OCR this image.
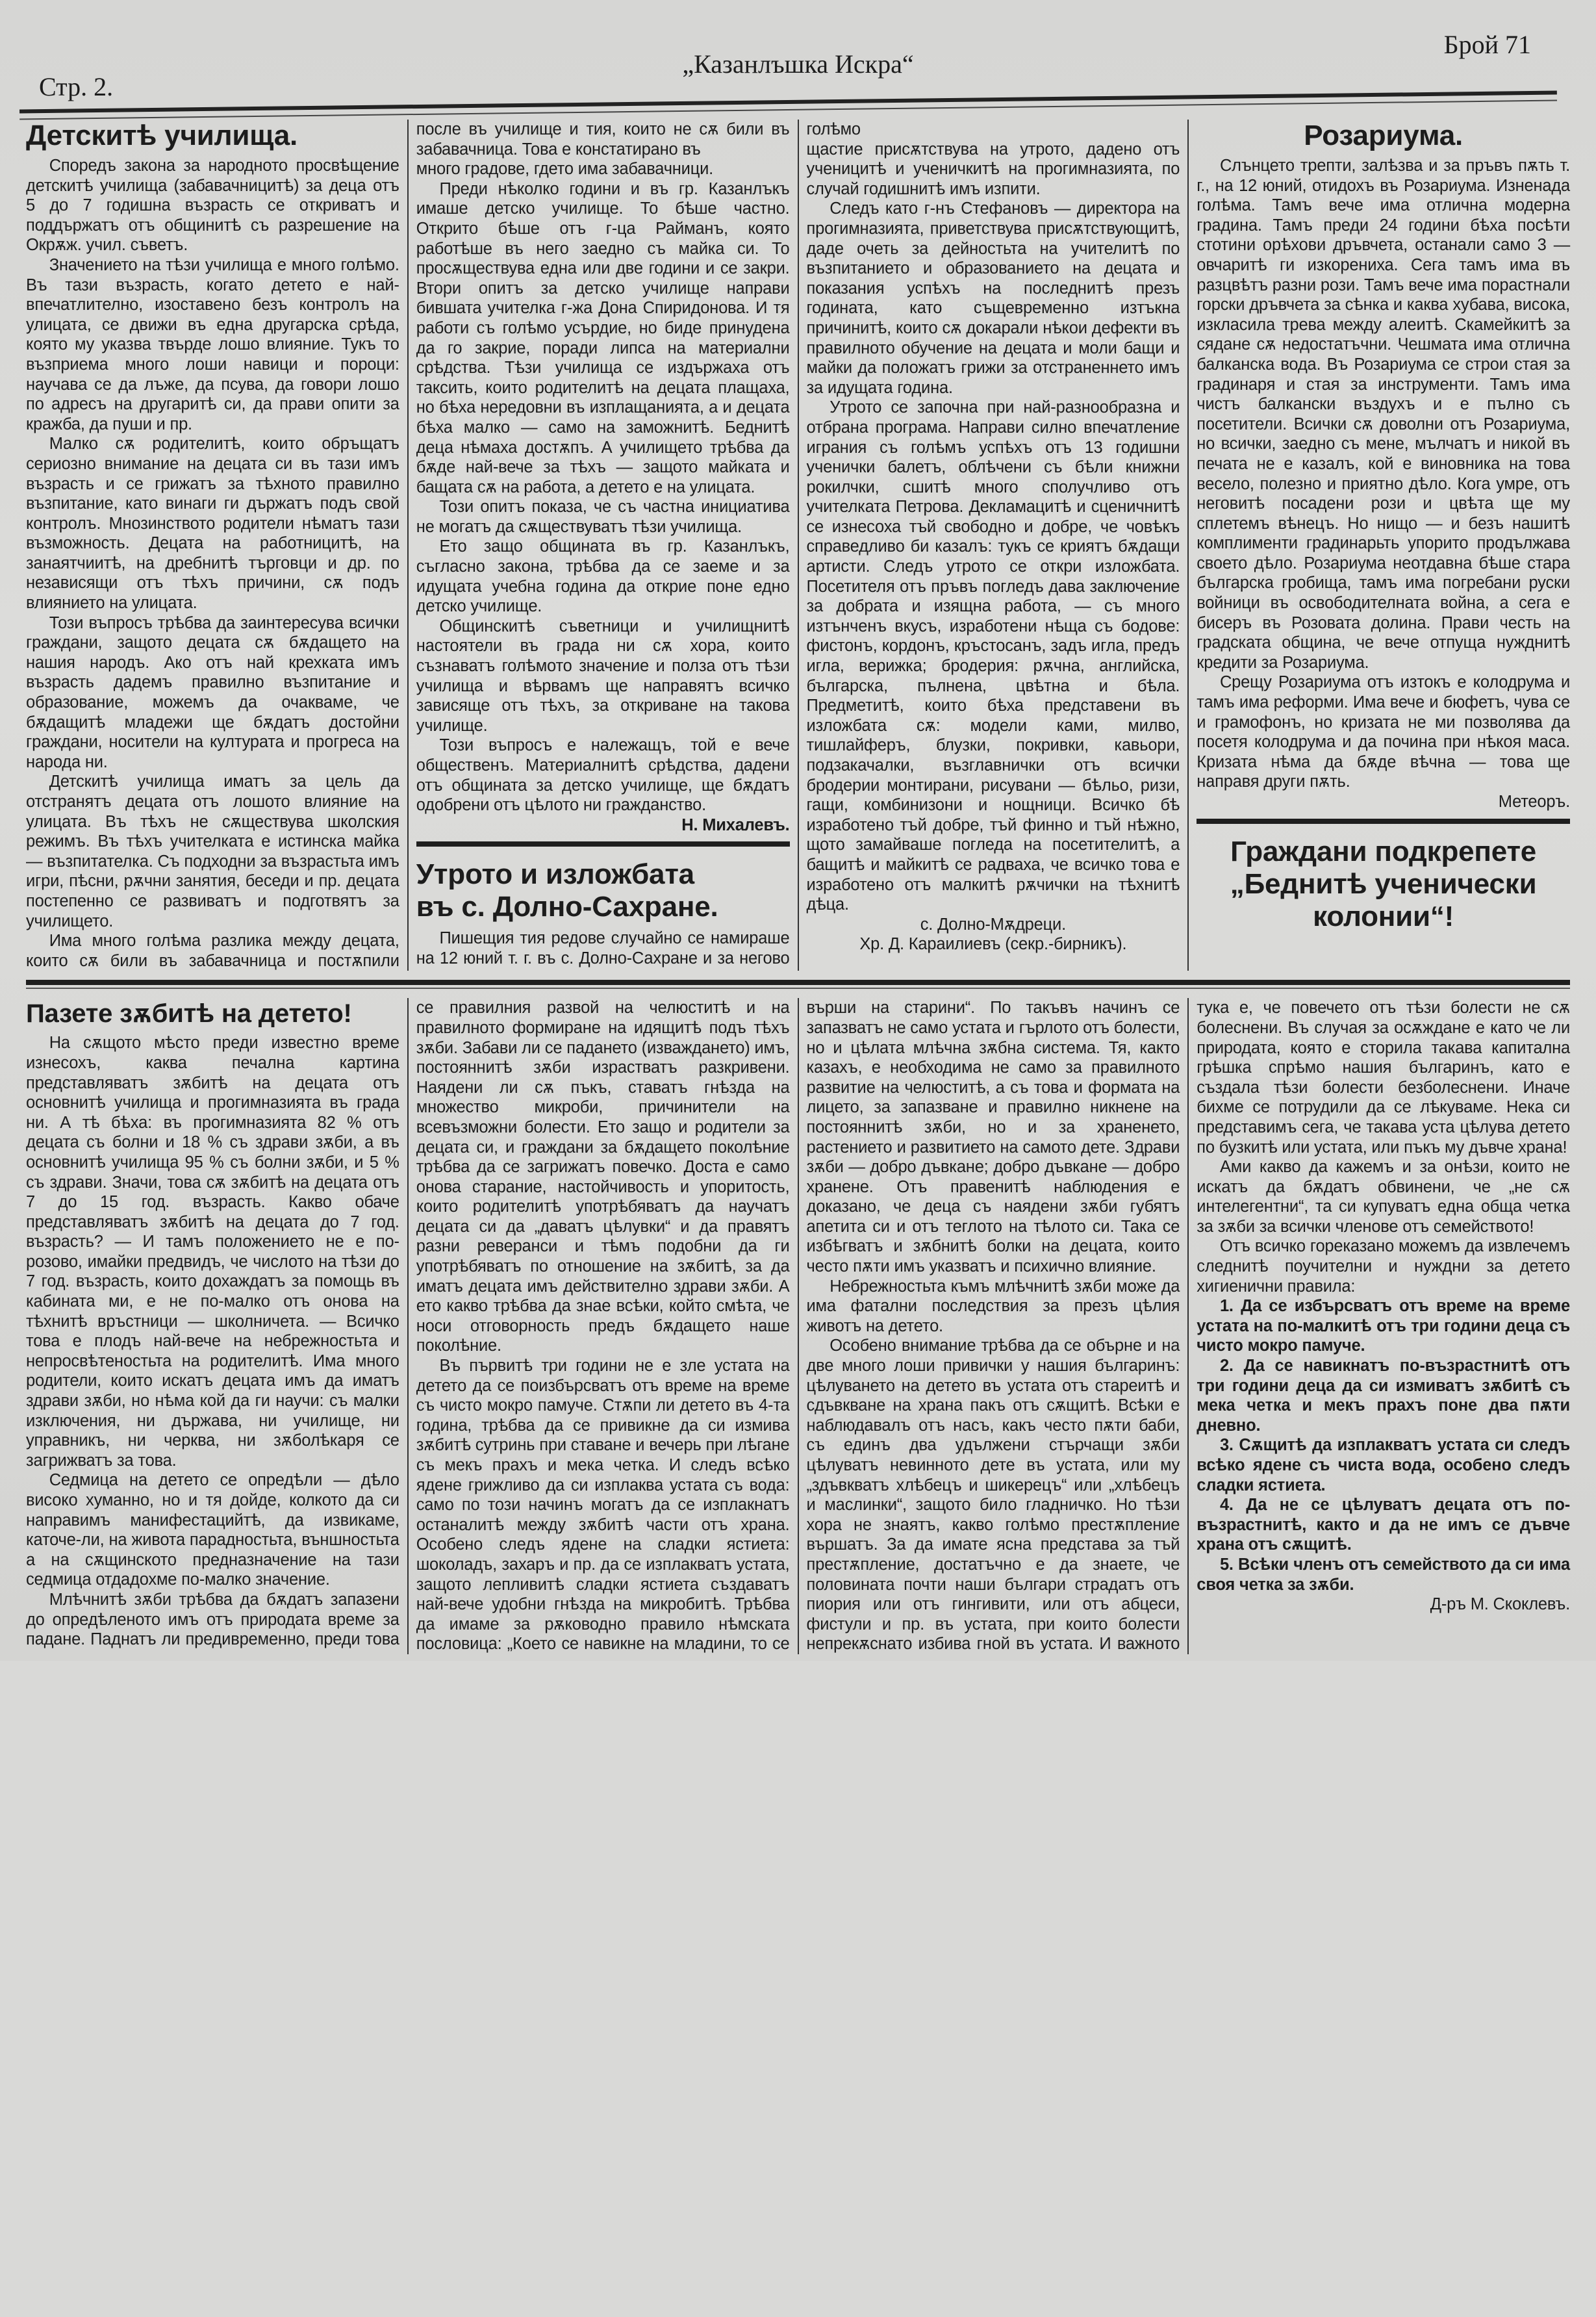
Стр. 2.
„Казанлъшка Искра“
Брой 71
Детскитѣ училища.

Споредъ закона за народното просвѣщение детскитѣ училища (забавачницитѣ) за деца отъ 5 до 7 годишна възрасть се откриватъ и поддържатъ отъ общинитѣ съ разрешение на Окрѫж. учил. съветъ.

Значението на тѣзи училища е много голѣмо. Въ тази възрасть, когато детето е най-впечатлително, изоставено безъ контролъ на улицата, се движи въ една другарска срѣда, която му указва твърде лошо влияние. Тукъ то възприема много лоши навици и пороци: научава се да лъже, да псува, да говори лошо по адресъ на другаритѣ си, да прави опити за кражба, да пуши и пр.

Малко сѫ родителитѣ, които обръщатъ сериозно внимание на децата си въ тази имъ възрасть и се грижатъ за тѣхното правилно възпитание, като винаги ги държатъ подъ свой контролъ. Мнозинството родители нѣматъ тази възможность. Децата на работницитѣ, на занаятчиитѣ, на дребнитѣ търговци и др. по независящи отъ тѣхъ причини, сѫ подъ влиянието на улицата.

Този въпросъ трѣбва да заинтересува всички граждани, защото децата сѫ бѫдащето на нашия народъ. Ако отъ най крехката имъ възрасть дадемъ правилно възпитание и образование, можемъ да очакваме, че бѫдащитѣ младежи ще бѫдатъ достойни граждани, носители на културата и прогреса на народа ни.

Детскитѣ училища иматъ за цель да отстранятъ децата отъ лошото влияние на улицата. Въ тѣхъ не сѫществува школския режимъ. Въ тѣхъ учителката е истинска майка — възпитателка. Съ подходни за възрастьта имъ игри, пѣсни, рѫчни занятия, беседи и пр. децата постепенно се развиватъ и подготвятъ за училището.

Има много голѣма разлика между децата, които сѫ били въ забавачница и постѫпили после въ училище и тия, които не сѫ били въ забавачница. Това е констатирано въ

много градове, гдето има забавачници.

Преди нѣколко години и въ гр. Казанлъкъ имаше детско училище. То бѣше частно. Открито бѣше отъ г-ца Райманъ, която работѣше въ него заедно съ майка си. То просѫществува една или две години и се закри. Втори опитъ за детско училище направи бившата учителка г-жа Дона Спиридонова. И тя работи съ голѣмо усърдие, но биде принудена да го закрие, поради липса на материални срѣдства. Тѣзи училища се издържаха отъ таксить, които родителитѣ на децата плащаха, но бѣха нередовни въ изплащанията, а и децата бѣха малко — само на заможнитѣ. Беднитѣ деца нѣмаха достѫпъ. А училището трѣбва да бѫде най-вече за тѣхъ — защото майката и бащата сѫ на работа, а детето е на улицата.

Този опитъ показа, че съ частна инициатива не могатъ да сѫществуватъ тѣзи училища.

Ето защо общината въ гр. Казанлъкъ, съгласно закона, трѣбва да се заеме и за идущата учебна година да открие поне едно детско училище.

Общинскитѣ съветници и училищнитѣ настоятели въ града ни сѫ хора, които съзнаватъ голѣмото значение и полза отъ тѣзи училища и вѣрвамъ ще направятъ всичко зависяще отъ тѣхъ, за откриване на такова училище.

Този въпросъ е належащъ, той е вече общественъ. Материалнитѣ срѣдства, дадени отъ общината за детско училище, ще бѫдатъ одобрени отъ цѣлото ни гражданство.

Н. Михалевъ.

Утрото и изложбата
въ с. Долно-Сахране.

Пишещия тия редове случайно се намираше на 12 юний т. г. въ с. Долно-Сахране и за негово голѣмо

щастие присѫтствува на утрото, дадено отъ ученицитѣ и ученичкитѣ на прогимназията, по случай годишнитѣ имъ изпити.

Следъ като г-нъ Стефановъ — директора на прогимназията, приветствува присѫтствующитѣ, даде очеть за дейностьта на учителитѣ по възпитанието и образованието на децата и показания успѣхъ на последнитѣ презъ годината, като същевременно изтъкна причинитѣ, които сѫ докарали нѣкои дефекти въ правилното обучение на децата и моли бащи и майки да положатъ грижи за отстраненнето имъ за идущата година.

Утрото се започна при най-разнообразна и отбрана програма. Направи силно впечатление играния съ голѣмъ успѣхъ отъ 13 годишни ученички балетъ, облѣчени съ бѣли книжни рокилчки, сшитѣ много сполучливо отъ учителката Петрова. Декламацитѣ и сценичнитѣ се изнесоха тъй свободно и добре, че човѣкъ справедливо би казалъ: тукъ се криятъ бѫдащи артисти. Следъ утрото се откри изложбата. Посетителя отъ пръвъ погледъ дава заключение за добрата и изящна работа, — съ много изтънченъ вкусъ, изработени нѣща съ бодове: фистонъ, кордонъ, кръстосанъ, задъ игла, предъ игла, верижка; бродерия: рѫчна, английска, българска, пълнена, цвѣтна и бѣла. Предметитѣ, които бѣха представени въ изложбата сѫ: модели ками, милво, тишлайферъ, блузки, покривки, кавьори, подзакачалки, възглавнички отъ всички бродерии монтирани, рисувани — бѣльо, ризи, гащи, комбинизони и нощници. Всичко бѣ изработено тъй добре, тъй финно и тъй нѣжно, щото замайваше погледа на посетителитѣ, а бащитѣ и майкитѣ се радваха, че всичко това е изработено отъ малкитѣ рѫчички на тѣхнитѣ дѣца.

с. Долно-Мѫдреци.

Хр. Д. Караилиевъ (секр.-бирникъ).

Розариума.

Слънцето трепти, залѣзва и за пръвъ пѫть т. г., на 12 юний, отидохъ въ Розариума. Изненада голѣма. Тамъ вече има отлична модерна градина. Тамъ преди 24 години бѣха посѣти стотини орѣхови дръвчета, останали само 3 — овчаритѣ ги изкорениха. Сега тамъ има въ разцвѣтъ разни рози. Тамъ вече има порастнали горски дръвчета за сѣнка и каква хубава, висока, изкласила трева между алеитѣ. Скамейкитѣ за сядане сѫ недостатъчни. Чешмата има отлична балканска вода. Въ Розариума се строи стая за градинаря и стая за инструменти. Тамъ има чистъ балкански въздухъ и е пълно съ посетители. Всички сѫ доволни отъ Розариума, но всички, заедно съ мене, мълчатъ и никой въ печата не е казалъ, кой е виновника на това весело, полезно и приятно дѣло. Кога умре, отъ неговитѣ посадени рози и цвѣта ще му сплетемъ вѣнецъ. Но нищо — и безъ нашитѣ комплименти градинарьть упорито продължава своето дѣло. Розариума неотдавна бѣше стара българска гробища, тамъ има погребани руски войници въ освободителната война, а сега е бисеръ въ Розовата долина. Прави честь на градската община, че вече отпуща нужднитѣ кредити за Розариума.

Срещу Розариума отъ изтокъ е колодрума и тамъ има реформи. Има вече и бюфетъ, чува се и грамофонъ, но кризата не ми позволява да посетя колодрума и да почина при нѣкоя маса. Кризата нѣма да бѫде вѣчна — това ще направя други пѫть.

Метеоръ.

Граждани подкрепете
„Беднитѣ ученически
колонии“!
Пазете зѫбитѣ на детето!

На сѫщото мѣсто преди известно време изнесохъ, каква печална картина представляватъ зѫбитѣ на децата отъ основнитѣ училища и прогимназията въ града ни. А тѣ бѣха: въ прогимназията 82 % отъ децата съ болни и 18 % съ здрави зѫби, а въ основнитѣ училища 95 % съ болни зѫби, и 5 % съ здрави. Значи, това сѫ зѫбитѣ на децата отъ 7 до 15 год. възрасть. Какво обаче представляватъ зѫбитѣ на децата до 7 год. възрасть? — И тамъ положението не е по-розово, имайки предвидъ, че числото на тѣзи до 7 год. възрасть, които дохаждатъ за помощь въ кабината ми, е не по-малко отъ онова на тѣхнитѣ връстници — школничета. — Всичко това е плодъ най-вече на небрежностьта и непросвѣтеностьта на родителитѣ. Има много родители, които искатъ децата имъ да иматъ здрави зѫби, но нѣма кой да ги научи: съ малки изключения, ни държава, ни училище, ни управникъ, ни черква, ни зѫболѣкаря се загрижватъ за това.

Седмица на детето се опредѣли — дѣло високо хуманно, но и тя дойде, колкото да си направимъ манифестацийтѣ, да извикаме, каточе-ли, на живота парадностьта, външностьта а на сѫщинското предназначение на тази седмица отдадохме по-малко значение.

Млѣчнитѣ зѫби трѣбва да бѫдатъ запазени до опредѣленото имъ отъ природата време за падане. Паднатъ ли предивременно, преди това се правилния развой на челюститѣ и на правилното формиране на идящитѣ подъ тѣхъ зѫби. Забави ли се падането (изваждането) имъ, постояннитѣ зѫби израстватъ разкривени. Наядени ли сѫ пъкъ, ставатъ гнѣзда на множество микроби, причинители на всевъзможни болести. Ето защо и родители за децата си, и граждани за бѫдащето поколѣние трѣбва да се загрижатъ повечко. Доста е само онова старание, настойчивость и упоритость, които родителитѣ употрѣбяватъ да научатъ децата си да „даватъ цѣлувки“ и да правятъ разни реверанси и тѣмъ подобни да ги употрѣбяватъ по отношение на зѫбитѣ, за да иматъ децата имъ действително здрави зѫби. А ето какво трѣбва да знае всѣки, който смѣта, че носи отговорность предъ бѫдащето наше поколѣние.

Въ първитѣ три години не е зле устата на детето да се поизбърсватъ отъ време на време съ чисто мокро памуче. Стѫпи ли детето въ 4-та година, трѣбва да се привикне да си измива зѫбитѣ сутринь при ставане и вечерь при лѣгане съ мекъ прахъ и мека четка. И следъ всѣко ядене грижливо да си изплаква устата съ вода: само по този начинъ могатъ да се изплакнатъ останалитѣ между зѫбитѣ части отъ храна. Особено следъ ядене на сладки ястиета: шоколадъ, захаръ и пр. да се изплакватъ устата, защото лепливитѣ сладки ястиета създаватъ най-вече удобни гнѣзда на микробитѣ. Трѣбва да имаме за рѫководно правило нѣмската пословица: „Което се навикне на младини, то се върши на старини“. По такъвъ начинъ се запазватъ не само устата и гърлото отъ болести, но и цѣлата млѣчна зѫбна система. Тя, както казахъ, е необходима не само за правилното развитие на челюститѣ, а съ това и формата на лицето, за запазване и правилно никнене на постояннитѣ зѫби, но и за храненето, растението и развитието на самото дете. Здрави зѫби — добро дъвкане; добро дъвкане — добро хранене. Отъ правенитѣ наблюдения е доказано, че деца съ наядени зѫби губятъ апетита си и отъ теглото на тѣлото си. Така се избѣгватъ и зѫбнитѣ болки на децата, които често пѫти имъ указватъ и психично влияние.

Небрежностьта къмъ млѣчнитѣ зѫби може да има фатални последствия за презъ цѣлия животъ на детето.

Особено внимание трѣбва да се обърне и на две много лоши привички у нашия българинъ: цѣлуването на детето въ устата отъ стареитѣ и сдъвкване на храна пакъ отъ сѫщитѣ. Всѣки е наблюдавалъ отъ насъ, какъ често пѫти баби, съ единъ два удължени стърчащи зѫби цѣлуватъ невинното дете въ устата, или му „здъвкватъ хлѣбецъ и шикерецъ“ или „хлѣбецъ и маслинки“, защото било гладничко. Но тѣзи хора не знаятъ, какво голѣмо престѫпление вършатъ. За да имате ясна представа за тъй престѫпление, достатъчно е да знаете, че половината почти наши българи страдатъ отъ пиория или отъ гингивити, или отъ абцеси, фистули и пр. въ устата, при които болести непрекѫснато избива гной въ устата. И важното тука е, че повечето отъ тѣзи болести не сѫ болеснени. Въ случая за осѫждане е като че ли природата, която е сторила такава капитална грѣшка спрѣмо нашия българинъ, като е създала тѣзи болести безболеснени. Иначе бихме се потрудили да се лѣкуваме. Нека си представимъ сега, че такава уста цѣлува детето по бузкитѣ или устата, или пъкъ му дъвче храна!

Ами какво да кажемъ и за онѣзи, които не искатъ да бѫдатъ обвинени, че „не сѫ интелегентни“, та си купуватъ една обща четка за зѫби за всички членове отъ семейството!

Отъ всичко гореказано можемъ да извлечемъ следнитѣ поучителни и нуждни за детето хигиенични правила:

1. Да се избърсватъ отъ време на време устата на по-малкитѣ отъ три години деца съ чисто мокро памуче.

2. Да се навикнатъ по-възрастнитѣ отъ три години деца да си измиватъ зѫбитѣ съ мека четка и мекъ прахъ поне два пѫти дневно.

3. Сѫщитѣ да изплакватъ устата си следъ всѣко ядене съ чиста вода, особено следъ сладки ястиета.

4. Да не се цѣлуватъ децата отъ по-възрастнитѣ, както и да не имъ се дъвче храна отъ сѫщитѣ.

5. Всѣки членъ отъ семейството да си има своя четка за зѫби.

Д-ръ М. Скоклевъ.
